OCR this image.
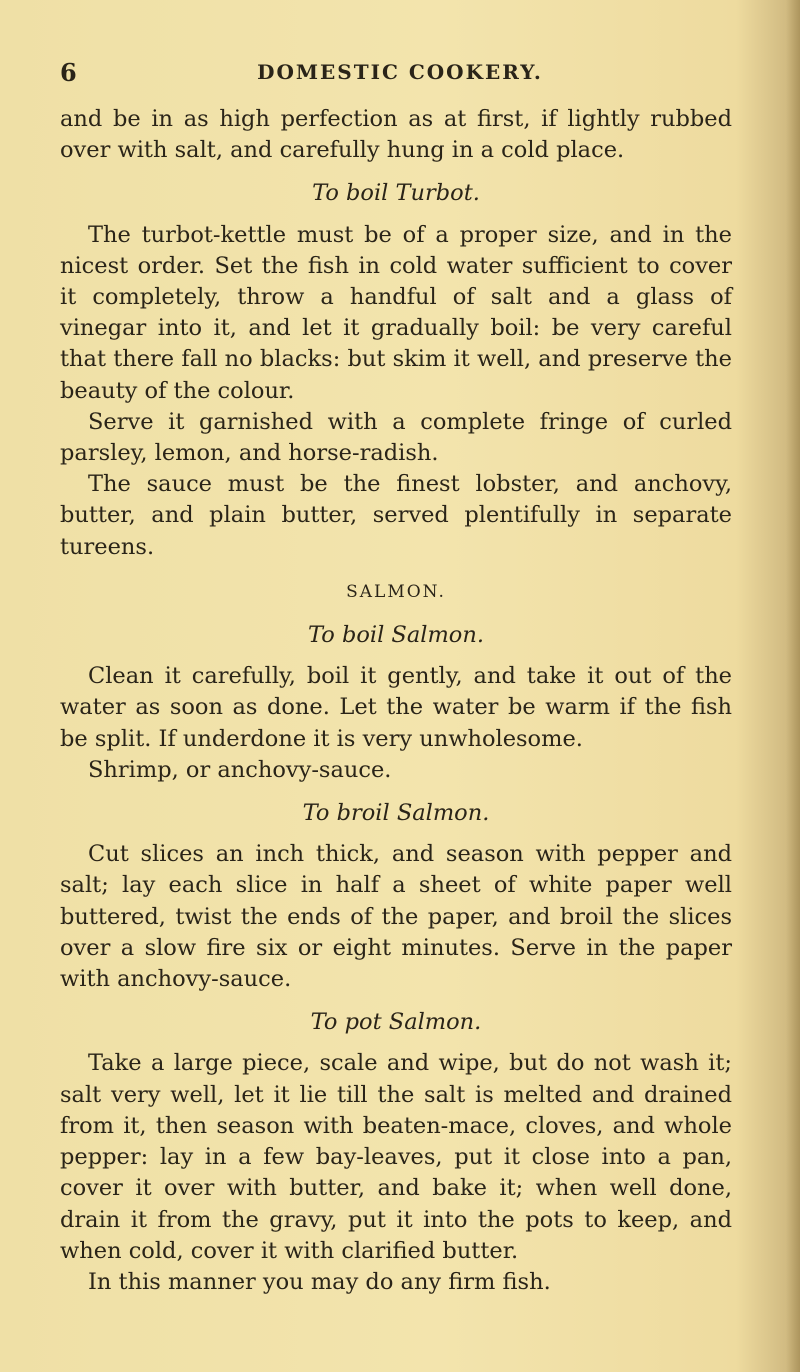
6	DOMESTIC COOKERY.

and be in as high perfection as at first, if lightly rubbed over with salt, and carefully hung in a cold place.

To boil Turbot.

The turbot-kettle must be of a proper size, and in the nicest order. Set the fish in cold water sufficient to cover it completely, throw a handful of salt and a glass of vinegar into it, and let it gradually boil: be very careful that there fall no blacks: but skim it well, and preserve the beauty of the colour.

Serve it garnished with a complete fringe of curled parsley, lemon, and horse-radish.

The sauce must be the finest lobster, and anchovy, butter, and plain butter, served plentifully in separate tureens.

SALMON.
To boil Salmon.

Clean it carefully, boil it gently, and take it out of the water as soon as done. Let the water be warm if the fish be split. If underdone it is very unwholesome.

Shrimp, or anchovy-sauce.

To broil Salmon.

Cut slices an inch thick, and season with pepper and salt; lay each slice in half a sheet of white paper well buttered, twist the ends of the paper, and broil the slices over a slow fire six or eight minutes. Serve in the paper with anchovy-sauce.

To pot Salmon.

Take a large piece, scale and wipe, but do not wash it; salt very well, let it lie till the salt is melted and drained from it, then season with beaten-mace, cloves, and whole pepper: lay in a few bay-leaves, put it close into a pan, cover it over with butter, and bake it; when well done, drain it from the gravy, put it into the pots to keep, and when cold, cover it with clarified butter.

In this manner you may do any firm fish.
